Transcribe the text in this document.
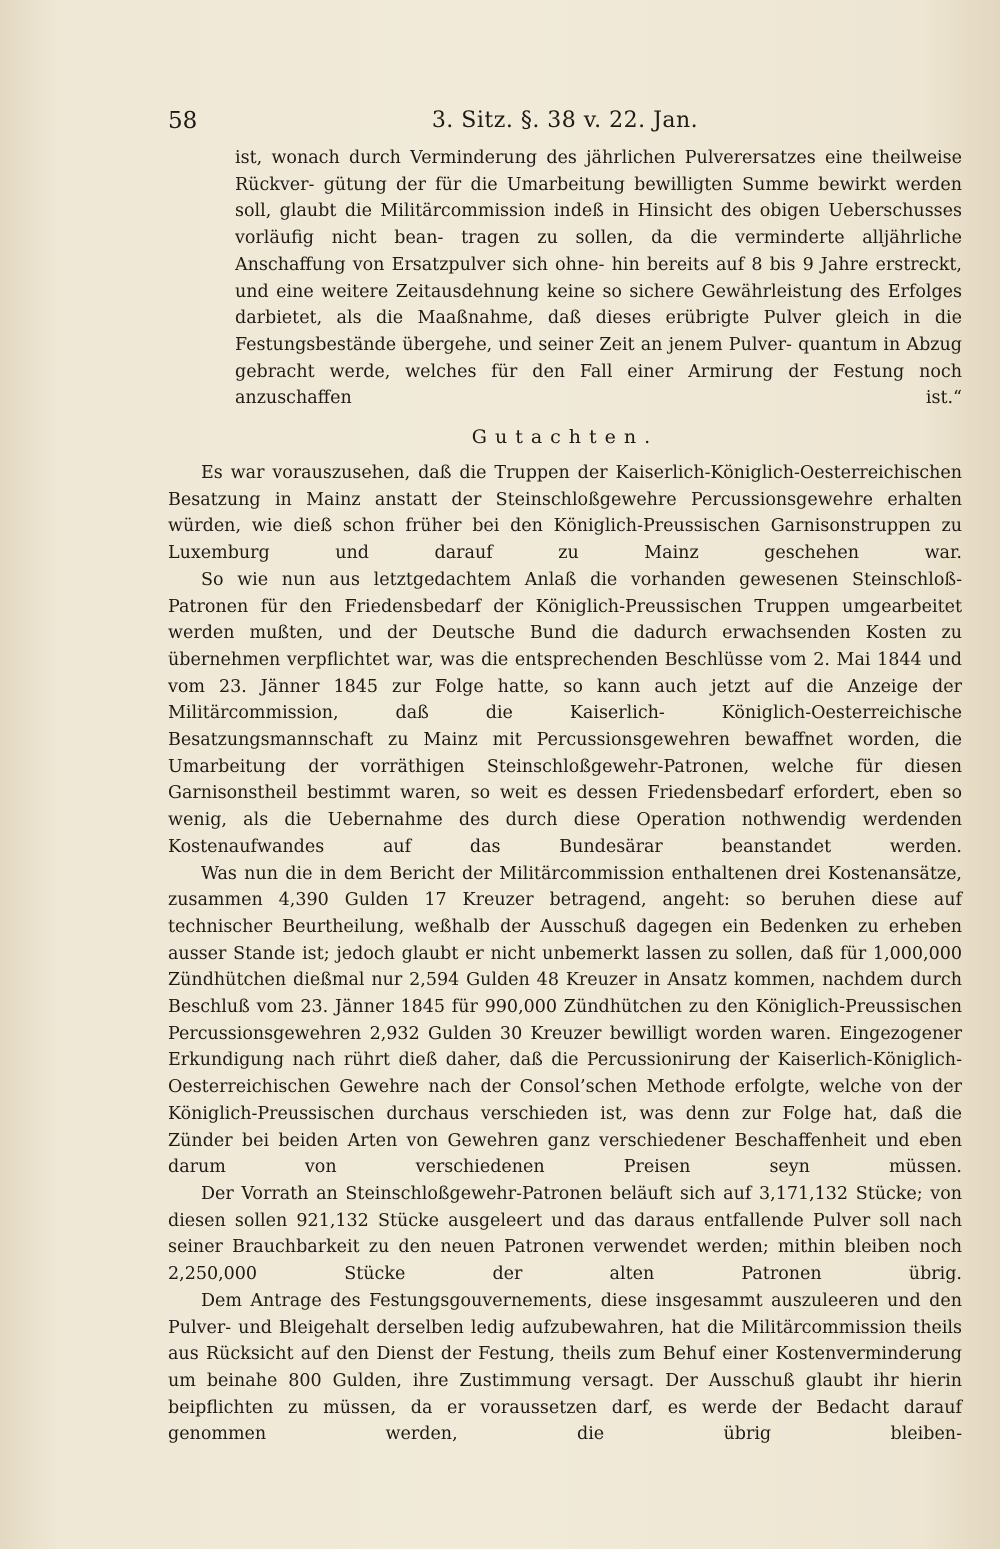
58	3. Sitz. §. 38 v. 22. Jan.

ist, wonach durch Verminderung des jährlichen Pulverersatzes eine theilweise Rückver- gütung der für die Umarbeitung bewilligten Summe bewirkt werden soll, glaubt die Militärcommission indeß in Hinsicht des obigen Ueberschusses vorläufig nicht bean- tragen zu sollen, da die verminderte alljährliche Anschaffung von Ersatzpulver sich ohne- hin bereits auf 8 bis 9 Jahre erstreckt, und eine weitere Zeitausdehnung keine so sichere Gewährleistung des Erfolges darbietet, als die Maaßnahme, daß dieses erübrigte Pulver gleich in die Festungsbestände übergehe, und seiner Zeit an jenem Pulver- quantum in Abzug gebracht werde, welches für den Fall einer Armirung der Festung noch anzuschaffen ist.“

Gutachten.

Es war vorauszusehen, daß die Truppen der Kaiserlich-Königlich-Oesterreichischen Besatzung in Mainz anstatt der Steinschloßgewehre Percussionsgewehre erhalten würden, wie dieß schon früher bei den Königlich-Preussischen Garnisonstruppen zu Luxemburg und	darauf zu Mainz geschehen war.

So wie nun aus letztgedachtem Anlaß die vorhanden gewesenen Steinschloß-Patronen für den Friedensbedarf der Königlich-Preussischen Truppen umgearbeitet werden mußten, und der Deutsche Bund die dadurch erwachsenden Kosten zu übernehmen verpflichtet war, was die entsprechenden Beschlüsse vom 2. Mai 1844 und vom 23. Jänner 1845 zur Folge hatte, so kann auch jetzt auf die Anzeige der Militärcommission, daß die Kaiserlich-	Königlich-Oesterreichische Besatzungsmannschaft zu Mainz mit Percussionsgewehren bewaffnet worden, die Umarbeitung der vorräthigen Steinschloßgewehr-Patronen, welche für diesen Garnisonstheil bestimmt waren, so weit es dessen Friedensbedarf erfordert, eben so wenig, als die Uebernahme des durch diese Operation nothwendig werdenden Kostenaufwandes auf	das Bundesärar beanstandet werden.

Was nun die in dem Bericht der Militärcommission enthaltenen drei Kostenansätze, zusammen 4,390 Gulden 17 Kreuzer betragend, angeht: so beruhen diese auf technischer Beurtheilung, weßhalb der Ausschuß dagegen ein Bedenken zu erheben ausser Stande ist; jedoch glaubt er nicht unbemerkt lassen zu sollen, daß für 1,000,000 Zündhütchen dießmal nur 2,594 Gulden 48 Kreuzer in Ansatz kommen, nachdem durch Beschluß vom 23. Jänner 1845 für 990,000 Zündhütchen zu den Königlich-Preussischen Percussionsgewehren 2,932 Gulden 30 Kreuzer bewilligt worden waren. Eingezogener Erkundigung nach rührt dieß daher, daß die Percussionirung der Kaiserlich-Königlich-Oesterreichischen Gewehre nach der Consol’schen Methode erfolgte, welche von der Königlich-Preussischen durchaus verschieden ist, was denn zur Folge hat, daß die Zünder bei beiden Arten von Gewehren ganz verschiedener Beschaffenheit und eben darum von verschiedenen Preisen seyn müssen.

Der Vorrath an Steinschloßgewehr-Patronen beläuft sich auf 3,171,132 Stücke; von diesen sollen 921,132 Stücke ausgeleert und das daraus entfallende Pulver soll nach seiner Brauchbarkeit zu den neuen Patronen verwendet werden; mithin bleiben noch 2,250,000	Stücke der alten Patronen übrig.

Dem Antrage des Festungsgouvernements, diese insgesammt auszuleeren und den Pulver- und Bleigehalt derselben ledig aufzubewahren, hat die Militärcommission theils aus Rücksicht auf den Dienst der Festung, theils zum Behuf einer Kostenverminderung um beinahe 800 Gulden, ihre Zustimmung versagt. Der Ausschuß glaubt ihr hierin beipflichten zu müssen, da er voraussetzen darf, es werde der Bedacht darauf genommen werden, die übrig bleiben-
